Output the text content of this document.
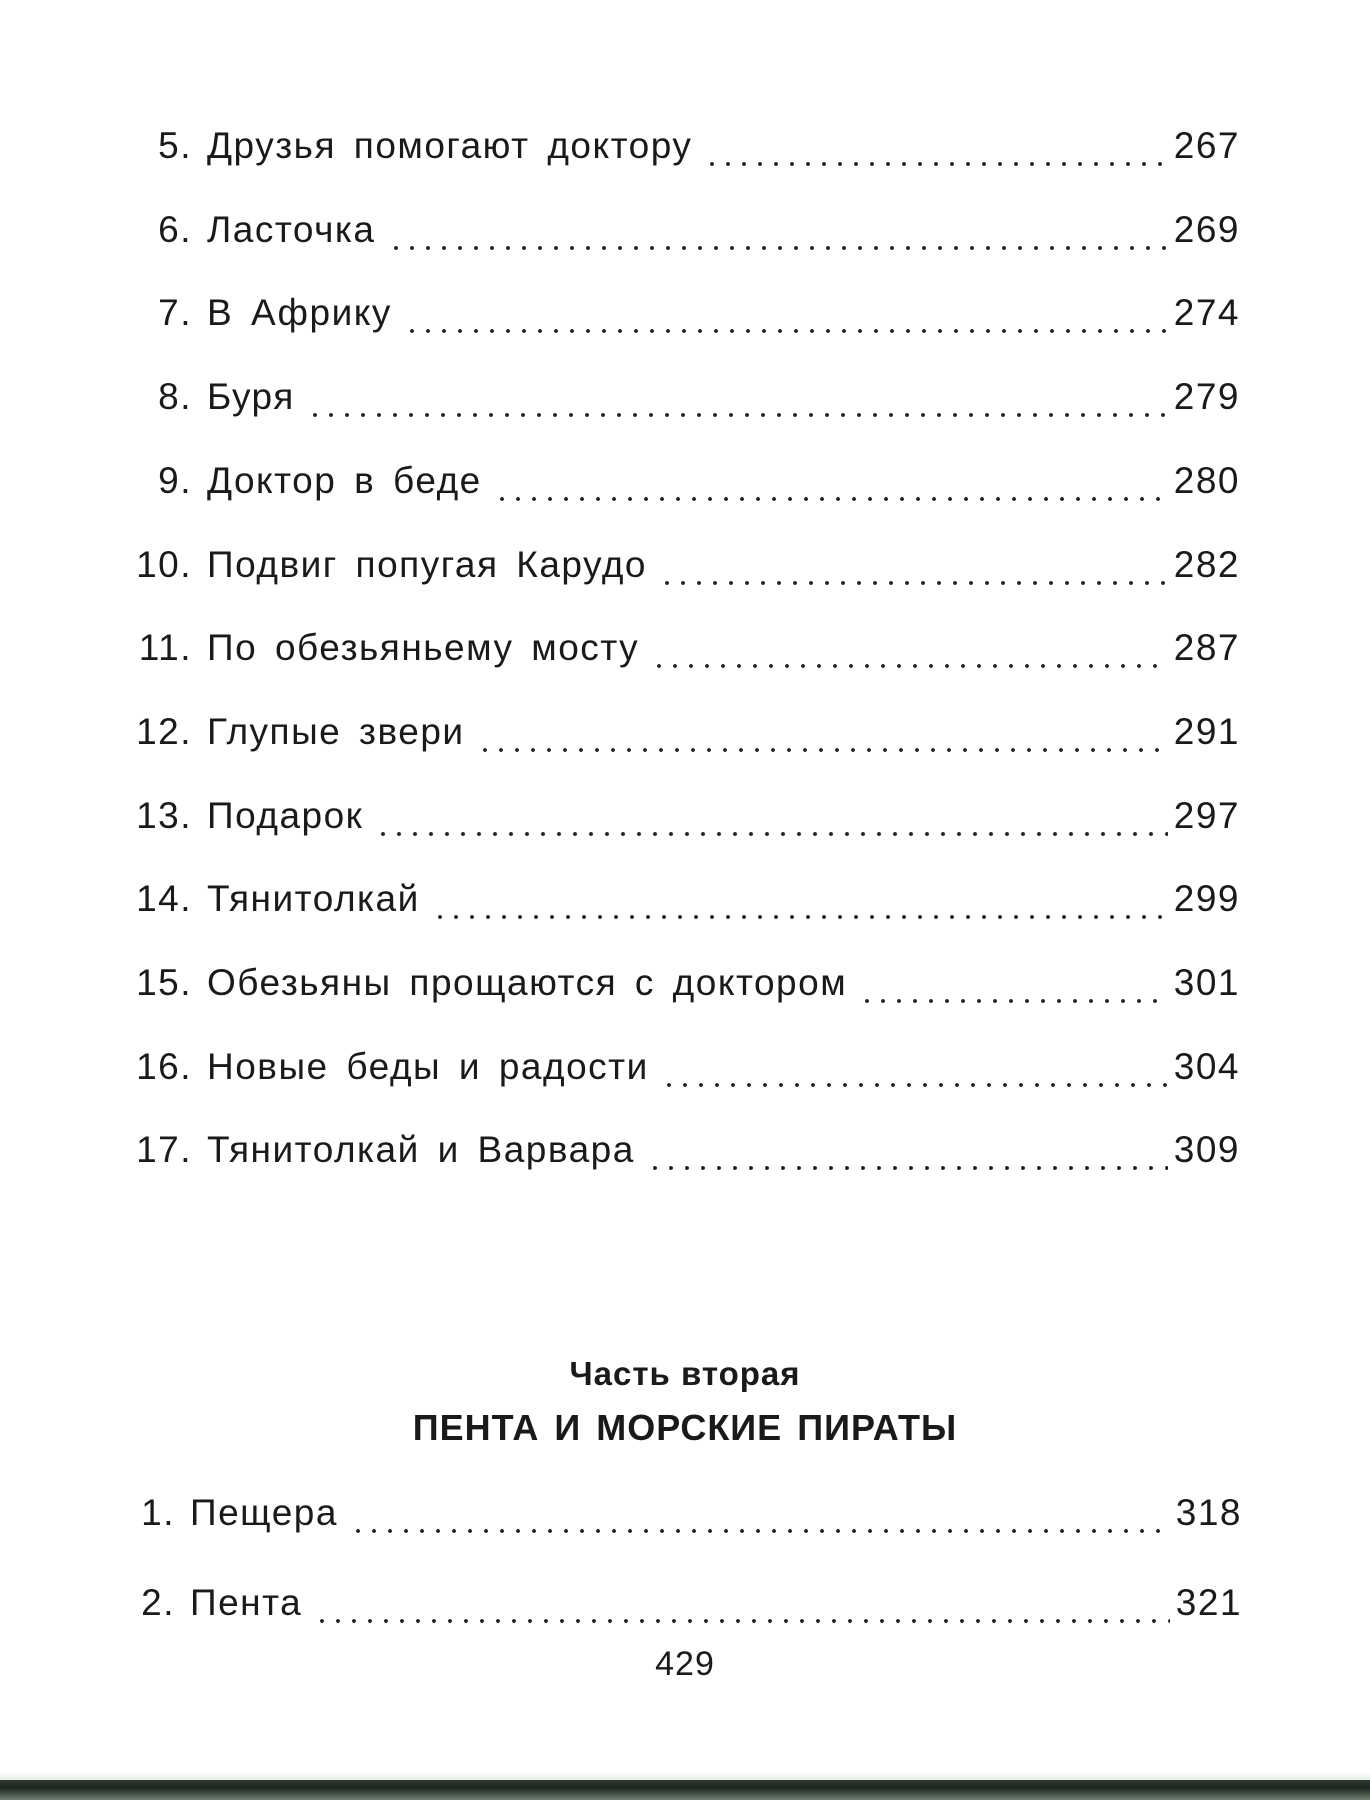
5. Друзья помогают доктору	267
6. Ласточка	269
7. В Африку	274
8. Буря	279
9. Доктор в беде	280
10. Подвиг попугая Карудо	282
11. По обезьяньему мосту	287
12. Глупые звери	291
13. Подарок	297
14. Тянитолкай	299
15. Обезьяны прощаются с доктором	301
16. Новые беды и радости	304
17. Тянитолкай и Варвара	309
Часть вторая
ПЕНТА И МОРСКИЕ ПИРАТЫ
1. Пещера	318
2. Пента	321
429
